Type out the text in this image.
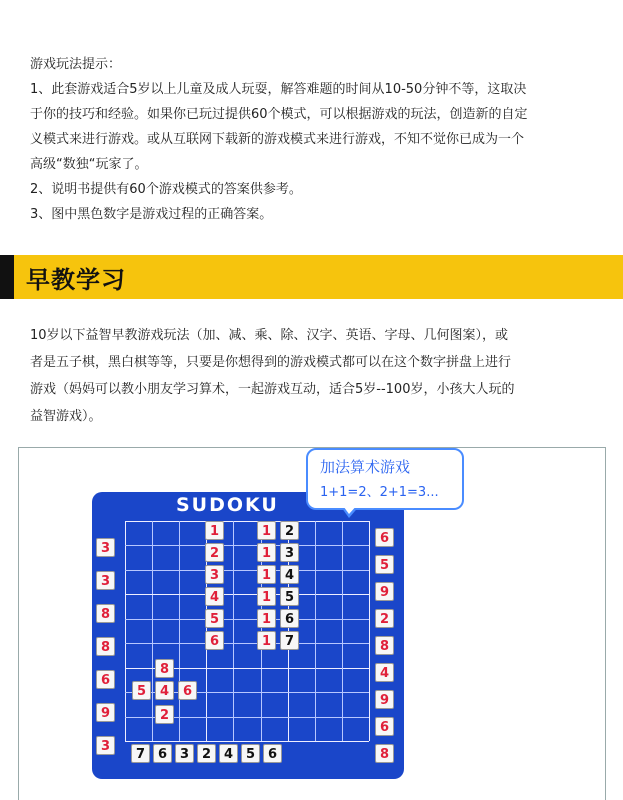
游戏玩法提示：

1、此套游戏适合5岁以上儿童及成人玩耍，解答难题的时间从10-50分钟不等，这取决

于你的技巧和经验。如果你已玩过提供60个模式，可以根据游戏的玩法，创造新的自定

义模式来进行游戏。或从互联网下载新的游戏模式来进行游戏，不知不觉你已成为一个

高级“数独“玩家了。

2、说明书提供有60个游戏模式的答案供参考。

3、图中黑色数字是游戏过程的正确答案。

早教学习
10岁以下益智早教游戏玩法（加、减、乘、除、汉字、英语、字母、几何图案），或
者是五子棋，黑白棋等等，只要是你想得到的游戏模式都可以在这个数字拼盘上进行
游戏（妈妈可以教小朋友学习算术，一起游戏互动，适合5岁--100岁，小孩大人玩的
益智游戏）。
SUDOKU
1
2
3
4
5
6
1
1
1
1
1
1
2
3
4
5
6
7
8
5	4	6
2
3
3
8
8
6
9
3
6
5
9
2
8
4
9
6
8
7 6 3 2 4 5 6
加法算术游戏
1+1=2、2+1=3...
